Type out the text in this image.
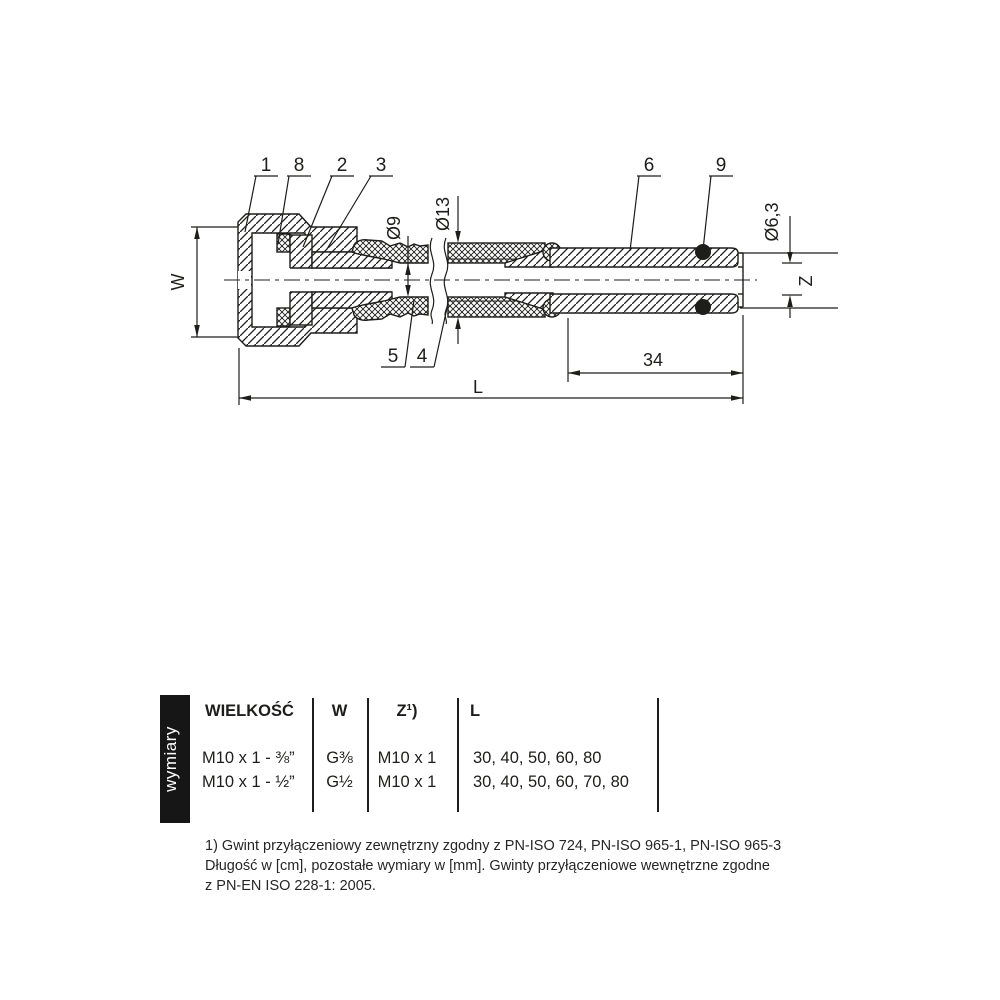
W
Ø9 Ø13	Ø6,3
Z
34
L
1 8 2 3	6	9
5 4
wymiary
WIELKOŚĆ	W	Z¹)	L
M10 x 1 - ⅜”	G⅜	M10 x 1	30, 40, 50, 60, 80
M10 x 1 - ½”	G½	M10 x 1	30, 40, 50, 60, 70, 80
1) Gwint przyłączeniowy zewnętrzny zgodny z PN-ISO 724, PN-ISO 965-1, PN-ISO 965-3
Długość w [cm], pozostałe wymiary w [mm]. Gwinty przyłączeniowe wewnętrzne zgodne
z PN-EN ISO 228-1: 2005.
